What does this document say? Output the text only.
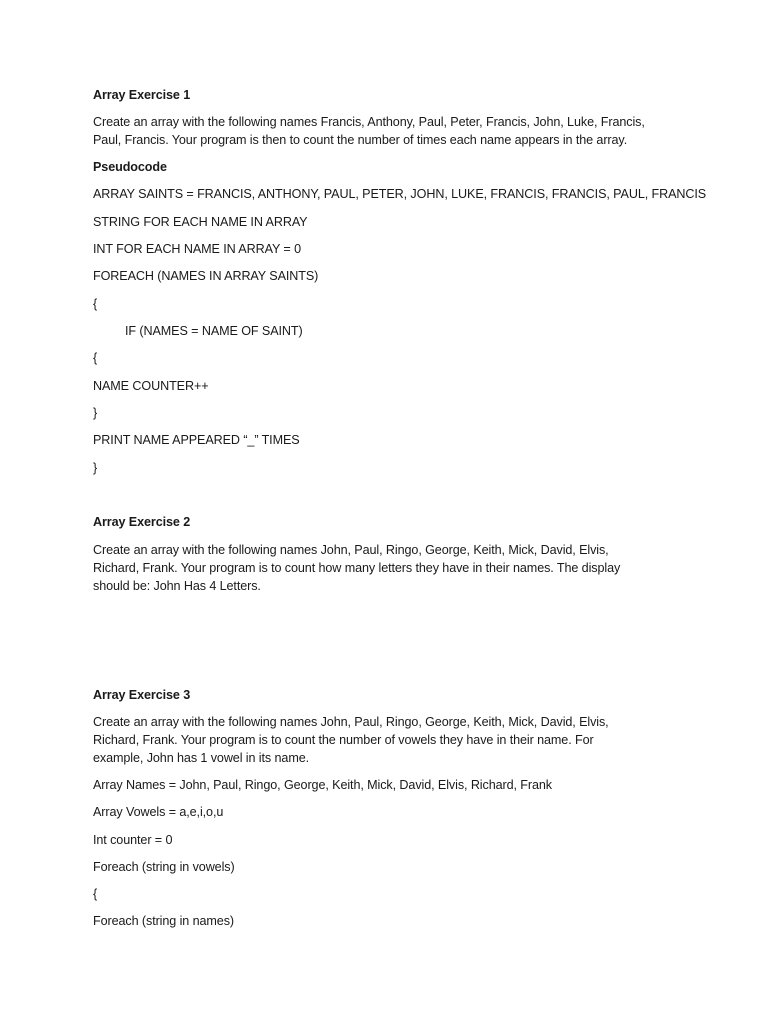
Array Exercise 1
Create an array with the following names Francis, Anthony, Paul, Peter, Francis, John, Luke, Francis,
Paul, Francis. Your program is then to count the number of times each name appears in the array.
Pseudocode
ARRAY SAINTS = FRANCIS, ANTHONY, PAUL, PETER, JOHN, LUKE, FRANCIS, FRANCIS, PAUL, FRANCIS
STRING FOR EACH NAME IN ARRAY
INT FOR EACH NAME IN ARRAY = 0
FOREACH (NAMES IN ARRAY SAINTS)
{
IF (NAMES = NAME OF SAINT)
{
NAME COUNTER++
}
PRINT NAME APPEARED “_” TIMES
}
Array Exercise 2
Create an array with the following names John, Paul, Ringo, George, Keith, Mick, David, Elvis,
Richard, Frank. Your program is to count how many letters they have in their names. The display
should be: John Has 4 Letters.
Array Exercise 3
Create an array with the following names John, Paul, Ringo, George, Keith, Mick, David, Elvis,
Richard, Frank. Your program is to count the number of vowels they have in their name. For
example, John has 1 vowel in its name.
Array Names = John, Paul, Ringo, George, Keith, Mick, David, Elvis, Richard, Frank
Array Vowels = a,e,i,o,u
Int counter = 0
Foreach (string in vowels)
{
Foreach (string in names)
